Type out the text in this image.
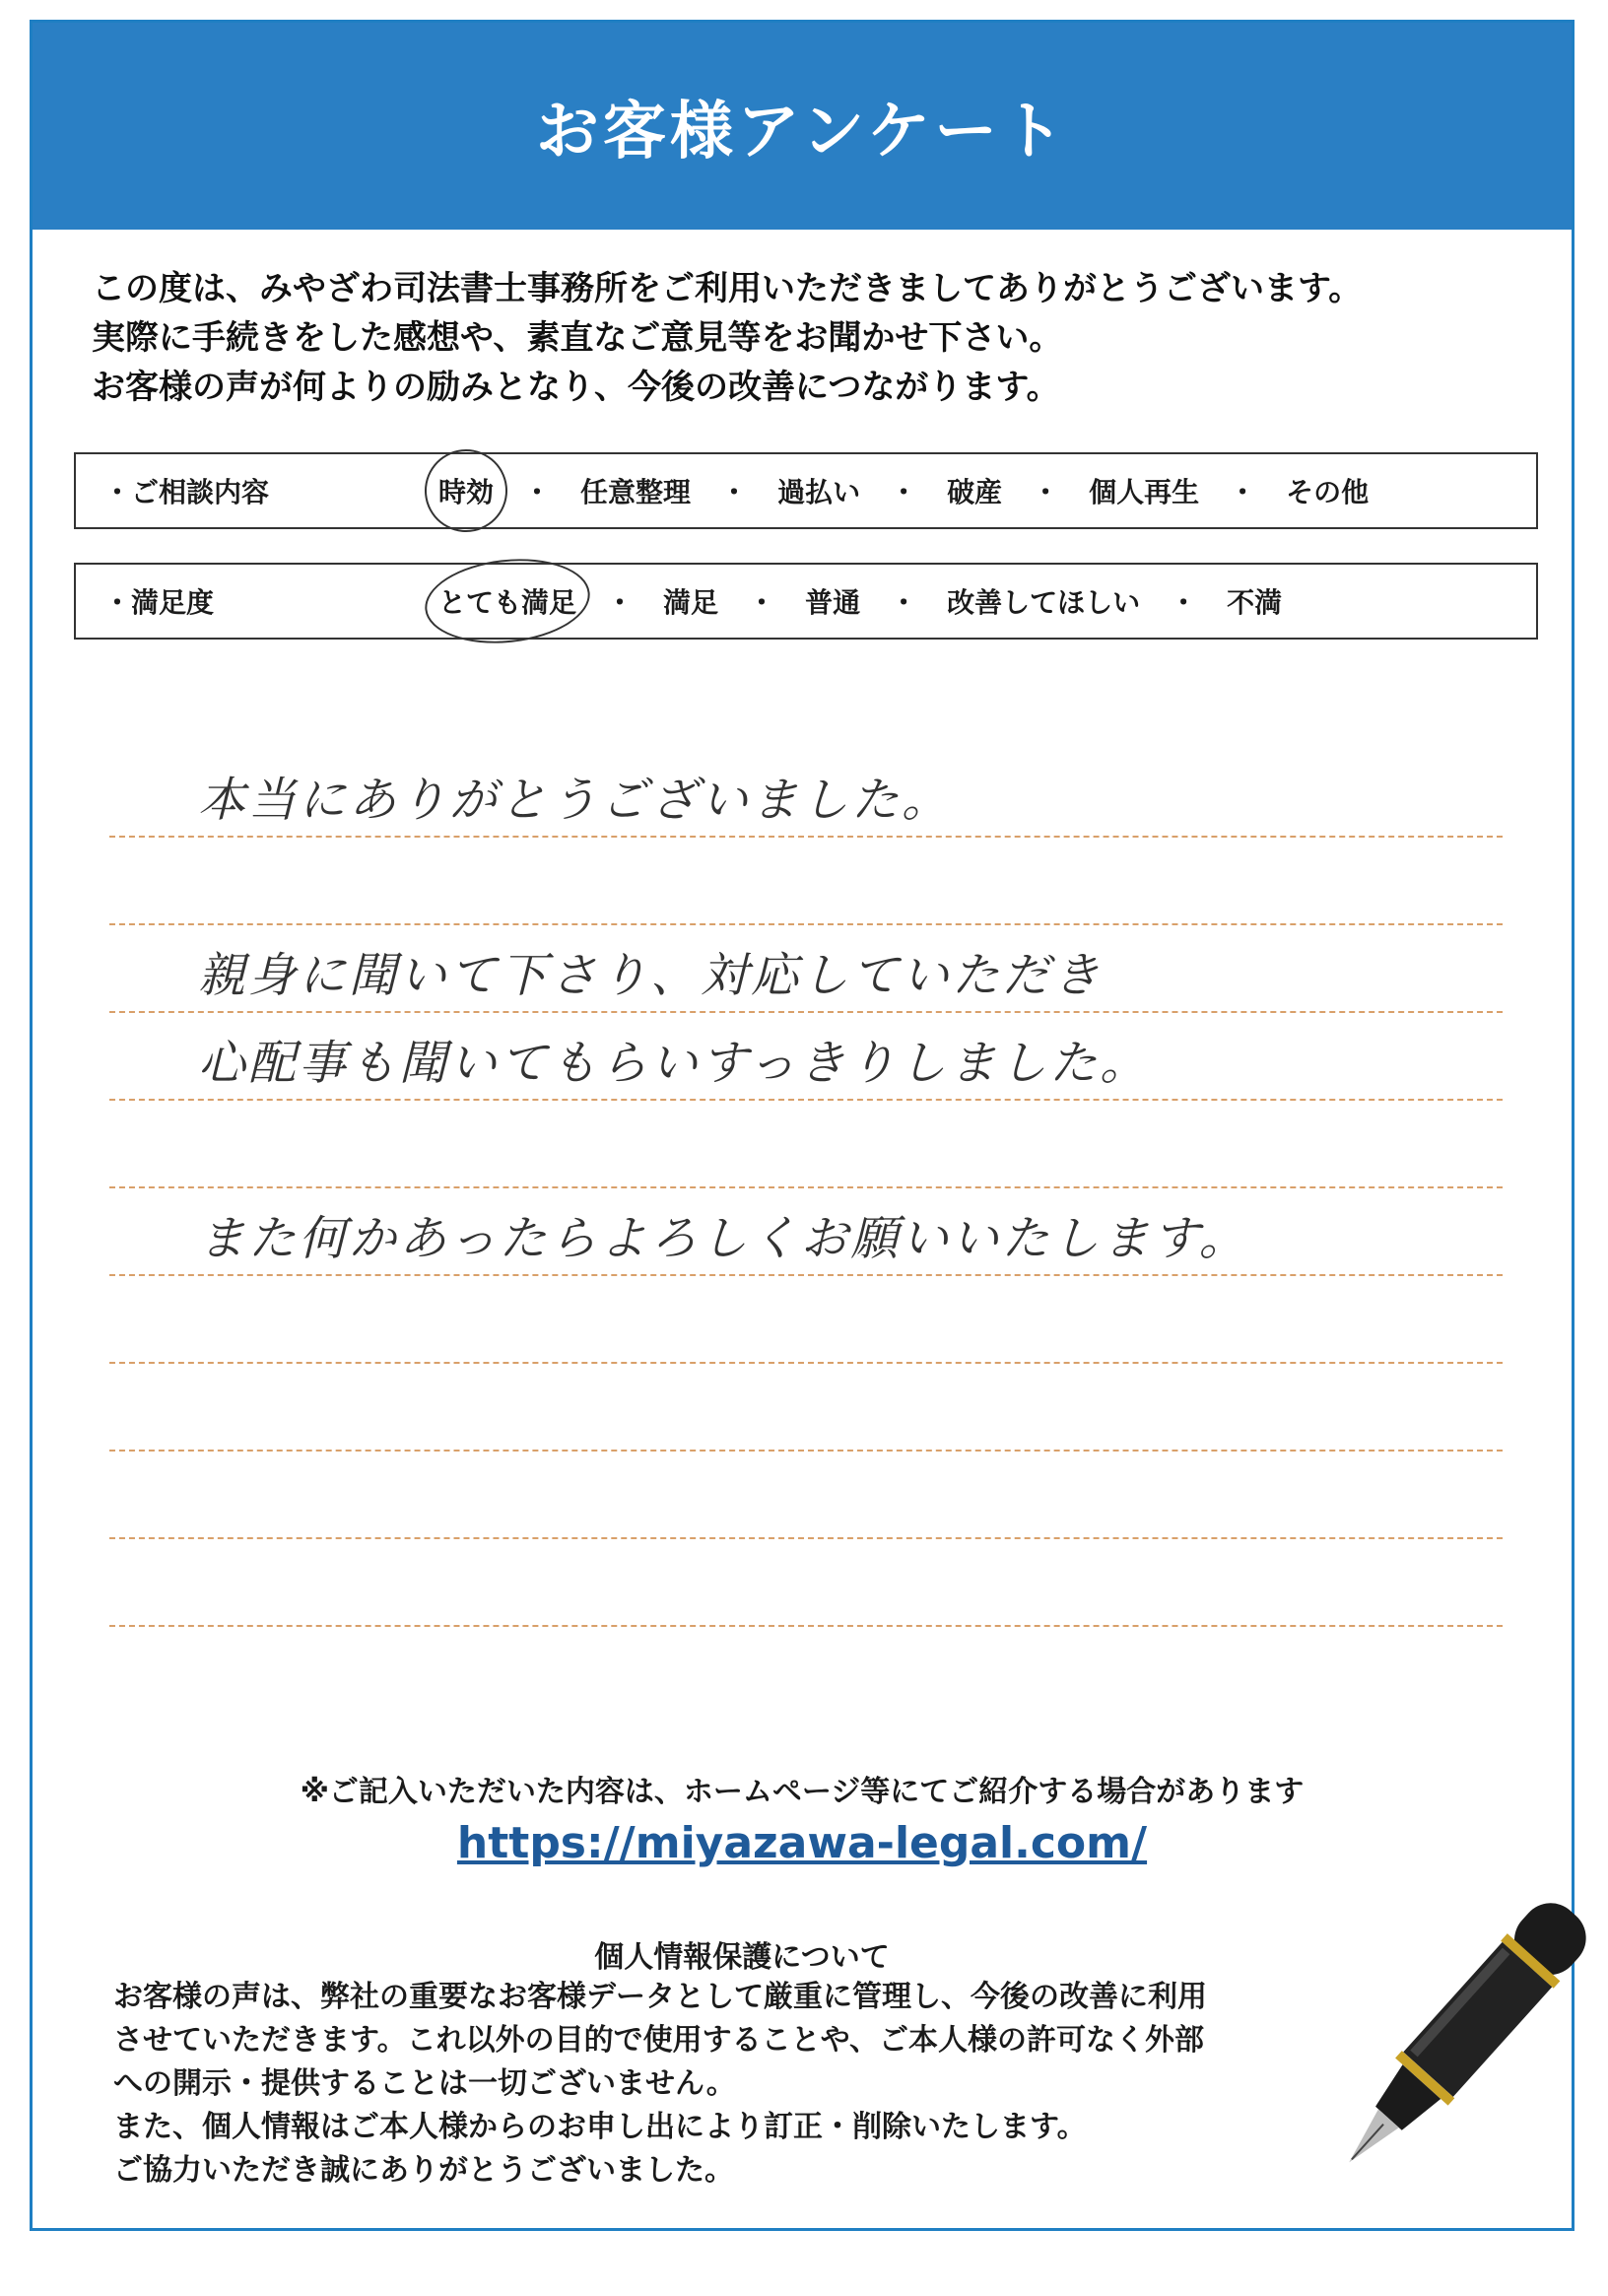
お客様アンケート
この度は、みやざわ司法書士事務所をご利用いただきましてありがとうございます。
実際に手続きをした感想や、素直なご意見等をお聞かせ下さい。
お客様の声が何よりの励みとなり、今後の改善につながります。
・ご相談内容	時効	・	任意整理	・	過払い	・	破産	・	個人再生	・	その他
・満足度	とても満足	・	満足	・	普通	・	改善してほしい	・	不満
本当にありがとうございました。
親身に聞いて下さり、対応していただき
心配事も聞いてもらいすっきりしました。
また何かあったらよろしくお願いいたします。
※ご記入いただいた内容は、ホームページ等にてご紹介する場合があります
https://miyazawa-legal.com/
個人情報保護について
お客様の声は、弊社の重要なお客様データとして厳重に管理し、今後の改善に利用
させていただきます。これ以外の目的で使用することや、ご本人様の許可なく外部
への開示・提供することは一切ございません。
また、個人情報はご本人様からのお申し出により訂正・削除いたします。
ご協力いただき誠にありがとうございました。
